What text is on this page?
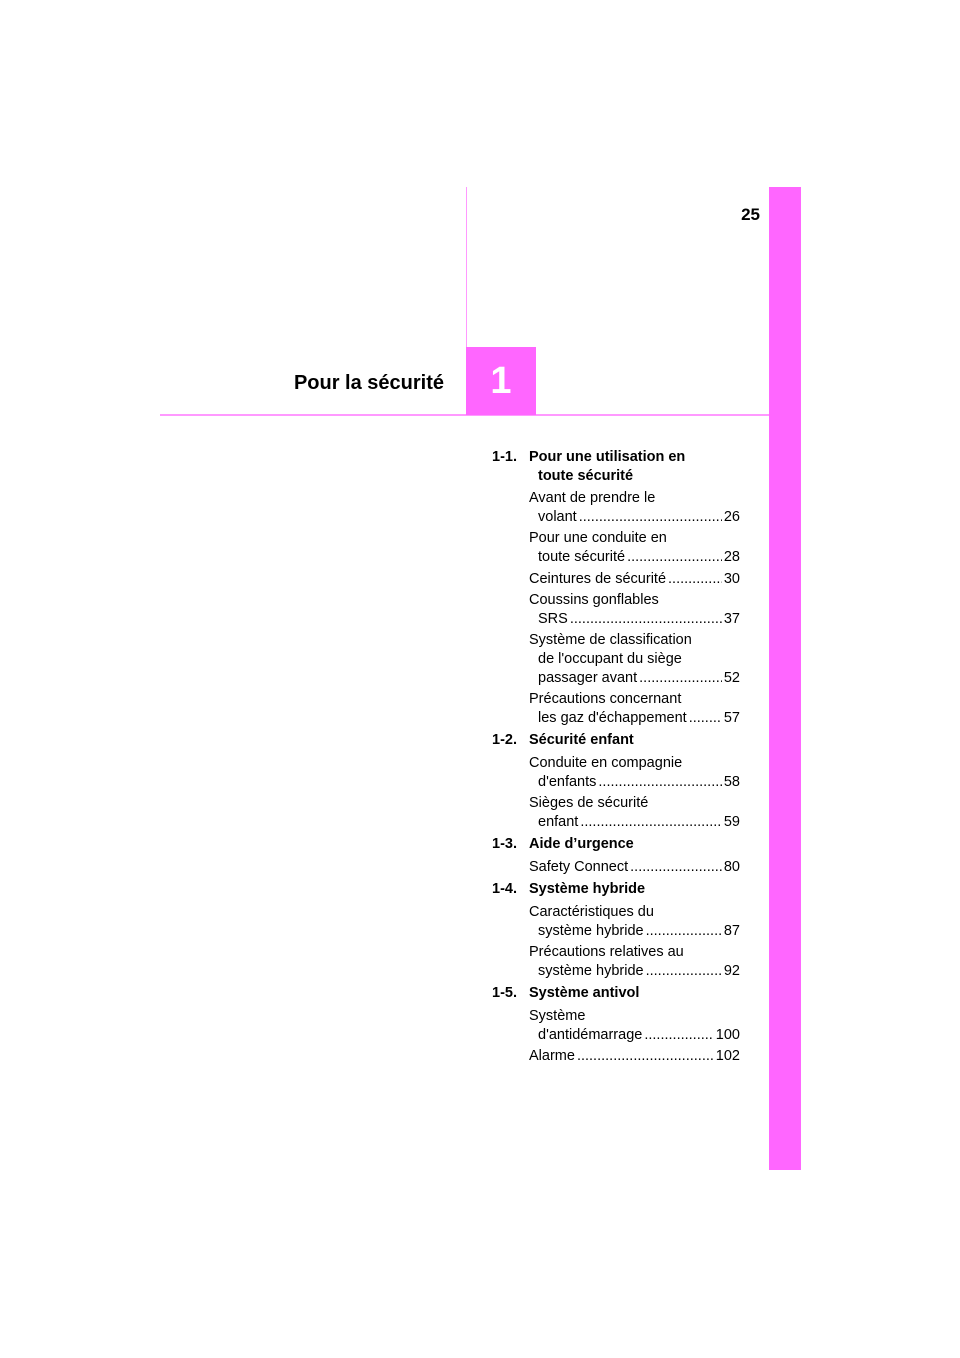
25
1
Pour la sécurité
1-1. Pour une utilisation en
toute sécurité
Avant de prendre le
volant .....	26
Pour une conduite en
toute sécurité .....	28
Ceintures de sécurité .....	30
Coussins gonflables
SRS .....	37
Système de classification
de l'occupant du siège
passager avant .....	52
Précautions concernant
les gaz d'échappement .....	57
1-2. Sécurité enfant
Conduite en compagnie
d'enfants .....	58
Sièges de sécurité
enfant .....	59
1-3. Aide d’urgence
Safety Connect .....	80
1-4. Système hybride
Caractéristiques du
système hybride .....	87
Précautions relatives au
système hybride .....	92
1-5. Système antivol
Système
d'antidémarrage .....	100
Alarme .....	102
